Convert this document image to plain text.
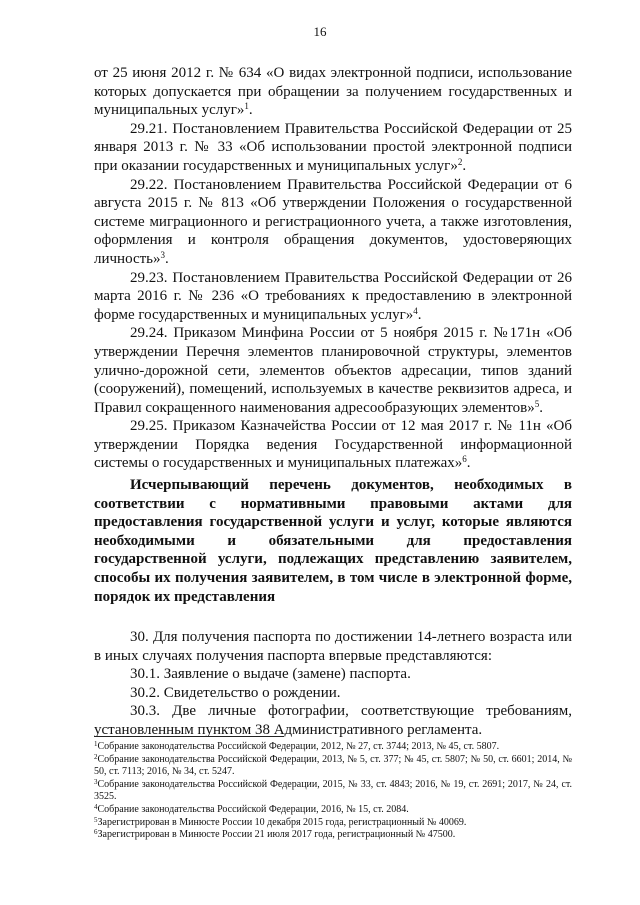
16

от 25 июня 2012 г. № 634 «О видах электронной подписи, использование которых допускается при обращении за получением государственных и муниципальных услуг»$^1$.

29.21. Постановлением Правительства Российской Федерации от 25 января 2013 г. № 33 «Об использовании простой электронной подписи при оказании государственных и муниципальных услуг»$^2$.

29.22. Постановлением Правительства Российской Федерации от 6 августа 2015 г. № 813 «Об утверждении Положения о государственной системе миграционного и регистрационного учета, а также изготовления, оформления и контроля обращения документов, удостоверяющих личность»$^3$.

29.23. Постановлением Правительства Российской Федерации от 26 марта 2016 г. № 236 «О требованиях к предоставлению в электронной форме государственных и муниципальных услуг»$^4$.

29.24. Приказом Минфина России от 5 ноября 2015 г. №171н «Об утверждении Перечня элементов планировочной структуры, элементов улично-дорожной сети, элементов объектов адресации, типов зданий (сооружений), помещений, используемых в качестве реквизитов адреса, и Правил сокращенного наименования адресообразующих элементов»$^5$.

29.25. Приказом Казначейства России от 12 мая 2017 г. № 11н «Об утверждении Порядка ведения Государственной информационной системы о государственных и муниципальных платежах»$^6$.

Исчерпывающий перечень документов, необходимых в соответствии с нормативными правовыми актами для предоставления государственной услуги и услуг, которые являются необходимыми и обязательными для предоставления государственной услуги, подлежащих представлению заявителем, способы их получения заявителем, в том числе в электронной форме, порядок их представления

30. Для получения паспорта по достижении 14-летнего возраста или в иных случаях получения паспорта впервые представляются:

30.1. Заявление о выдаче (замене) паспорта.

30.2. Свидетельство о рождении.

30.3. Две личные фотографии, соответствующие требованиям, установленным пунктом 38 Административного регламента.

$^1$Собрание законодательства Российской Федерации, 2012, № 27, ст. 3744; 2013, № 45, ст. 5807.

$^2$Собрание законодательства Российской Федерации, 2013, № 5, ст. 377; № 45, ст. 5807; № 50, ст. 6601; 2014, № 50, ст. 7113; 2016, № 34, ст. 5247.

$^3$Собрание законодательства Российской Федерации, 2015, № 33, ст. 4843; 2016, № 19, ст. 2691; 2017, № 24, ст. 3525.

$^4$Собрание законодательства Российской Федерации, 2016, № 15, ст. 2084.

$^5$Зарегистрирован в Минюсте России 10 декабря 2015 года, регистрационный № 40069.

$^6$Зарегистрирован в Минюсте России 21 июля 2017 года, регистрационный № 47500.
